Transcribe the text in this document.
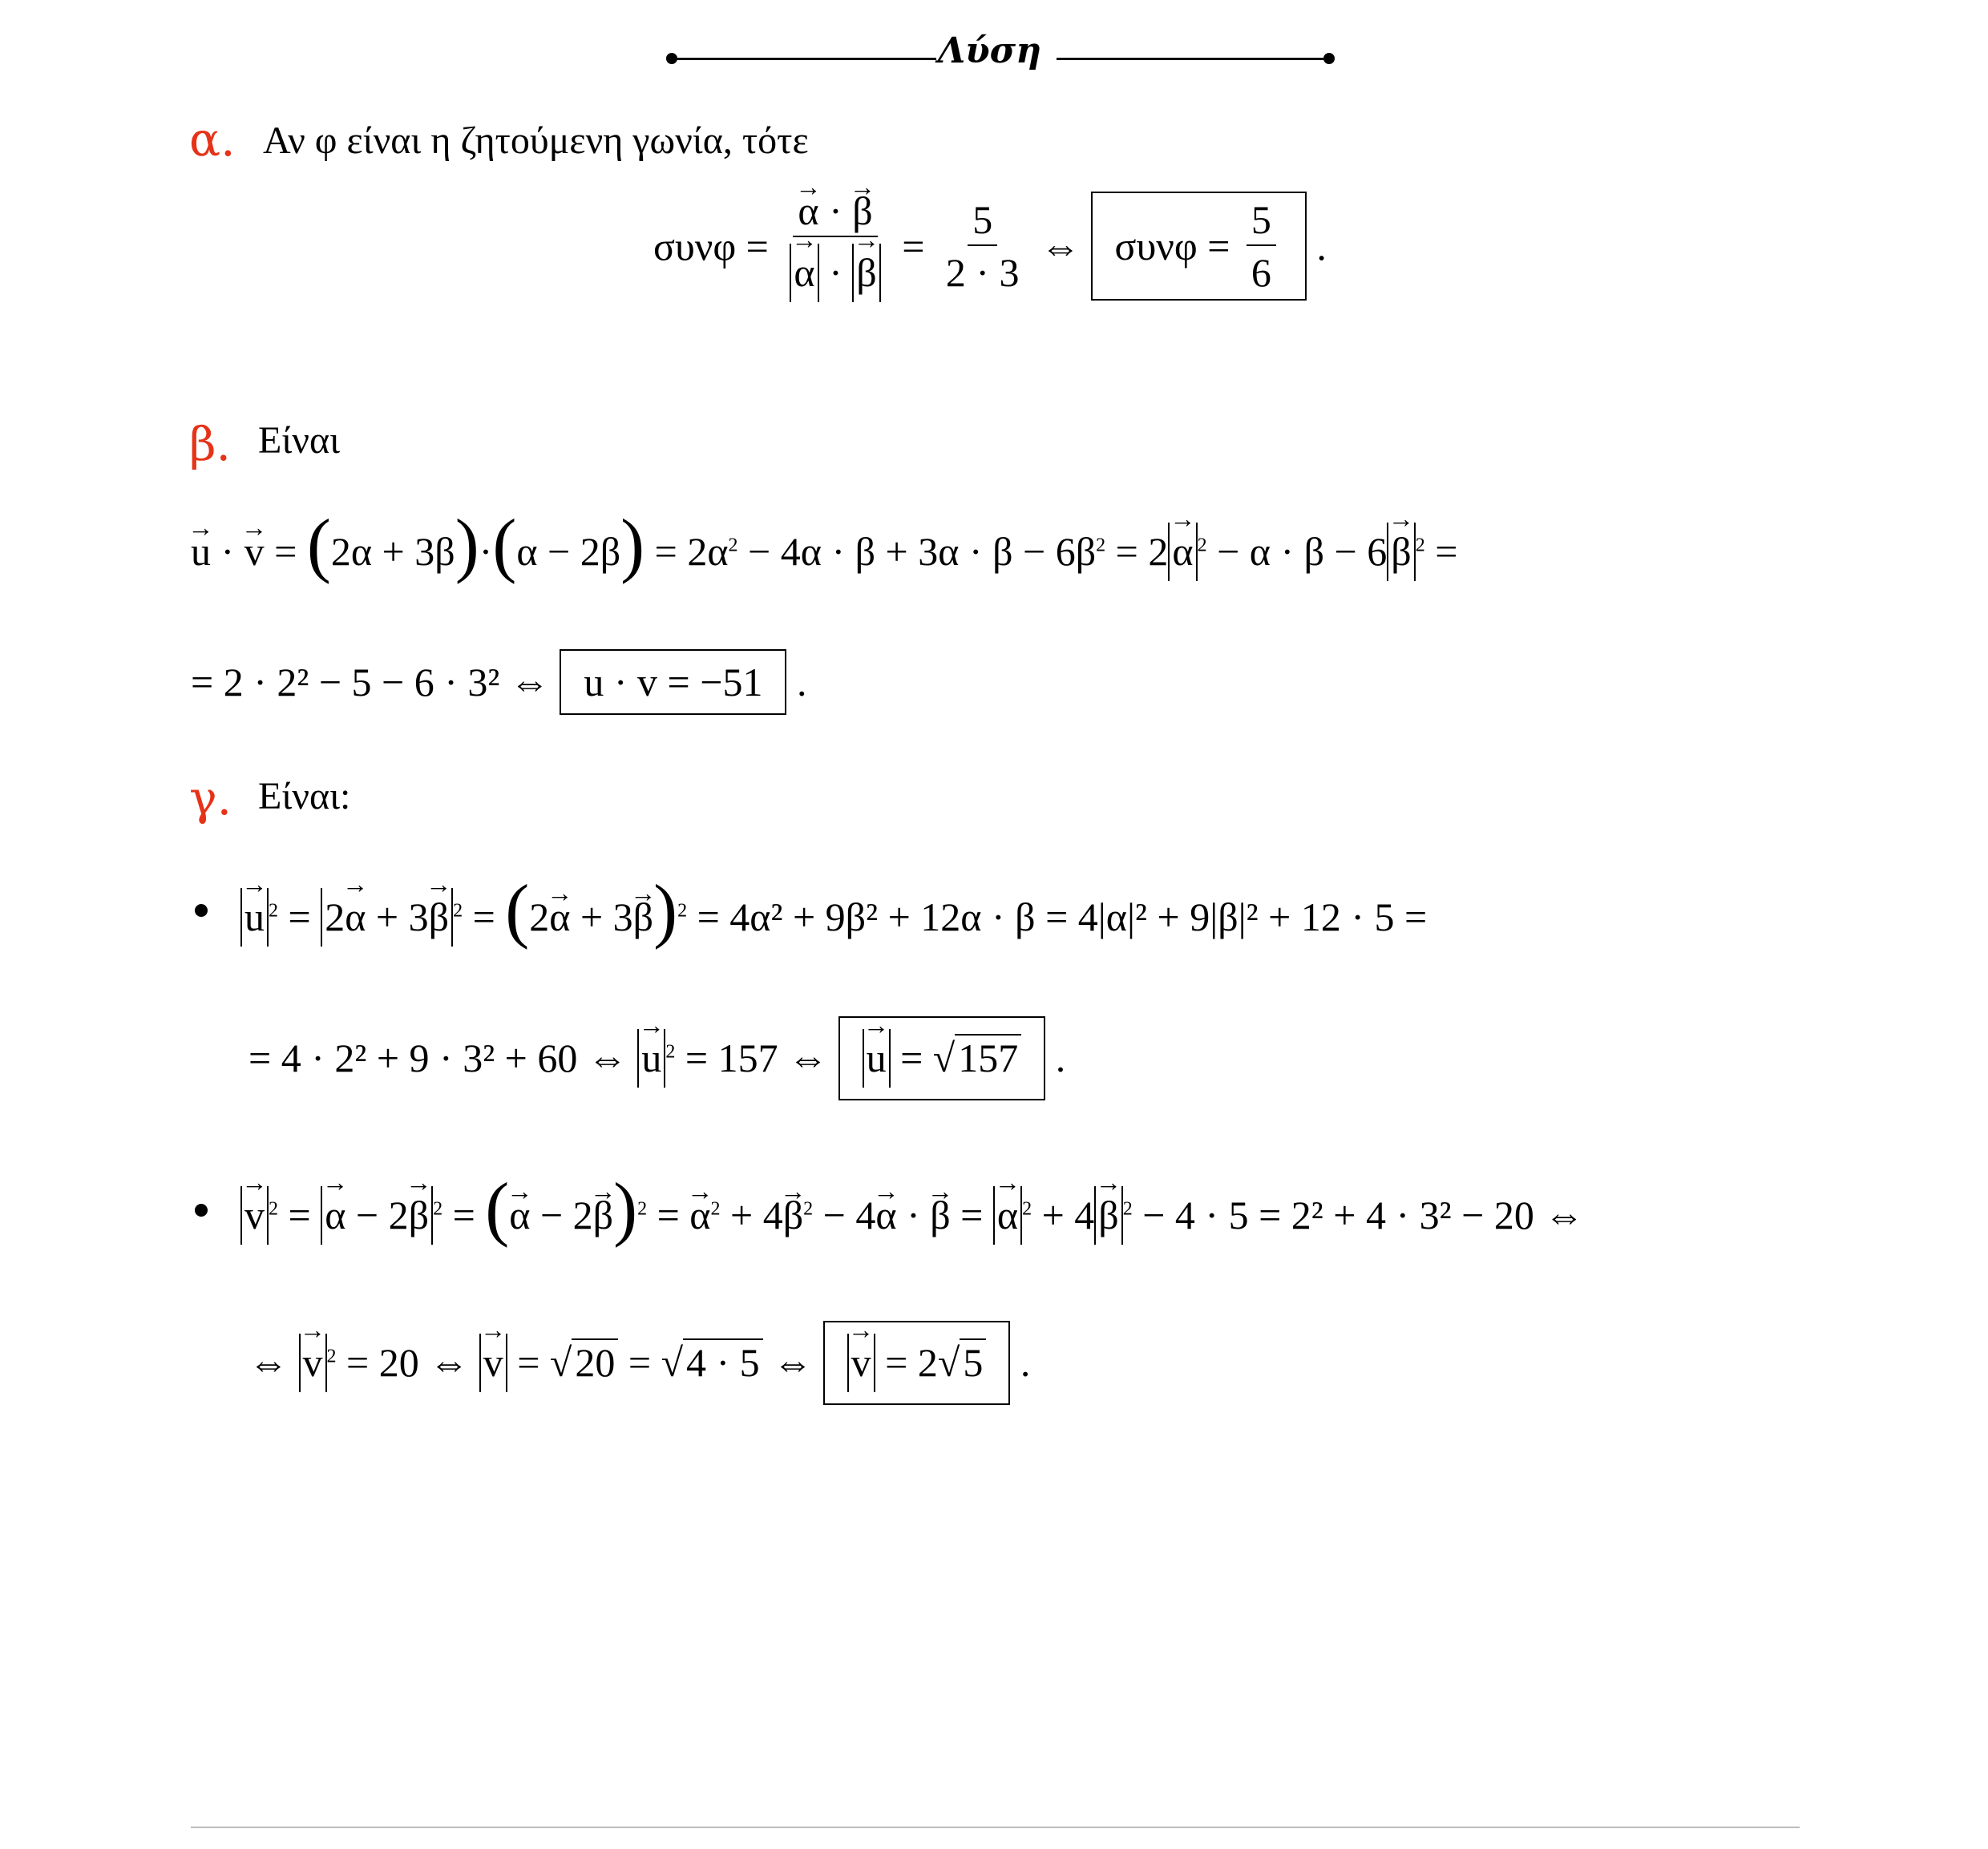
Λύση
α. Αν φ είναι η ζητούμενη γωνία, τότε
συνφ = → α · → β
→ α · → $\beta = \frac{5}{2 \cdot 3}$ ⇔ $\sigma\upsilon\nu\varphi = \frac{5}{6}$ .
β. Είναι
→ u · → $v = (2\alpha + 3\beta)\cdot(\alpha - 2\beta) = 2\alpha^2 - 4\alpha \cdot \beta + 3\alpha \cdot \beta - 6\beta^2 = 2 \to \alpha$ $^2$ − α · β − 6 → β $^2$ =
= 2 · 2² − 5 − 6 · 3² ⇔ u · v = −51 .
γ. Είναι:
→ u $^2$ = 2→ α + 3→ β $^2 = (2\to \alpha + 3\to \beta)^2 = 4\alpha^2 + 9\beta^2 + 12\alpha \cdot \beta = 4|\alpha|^2 + 9|\beta|^2 + 12 \cdot 5$ =
= 4 · 2² + 9 · 3² + 60 ⇔ → u $^2$ = 157 ⇔ → u = √157 .
→ v $^2$ = → α − 2→ β $^2$ = (→ α − 2→ β)$^2$ = → $\alpha^2 + 4\to \beta^2 - 4\to \alpha$ · → β = → α $^2$ + 4 → β $^2$ − 4 · 5 = 2² + 4 · 3² − 20 ⇔
⇔ → v $^2$ = 20 ⇔ → v = √20 = √4 · 5 ⇔ → v = 2√5 .
